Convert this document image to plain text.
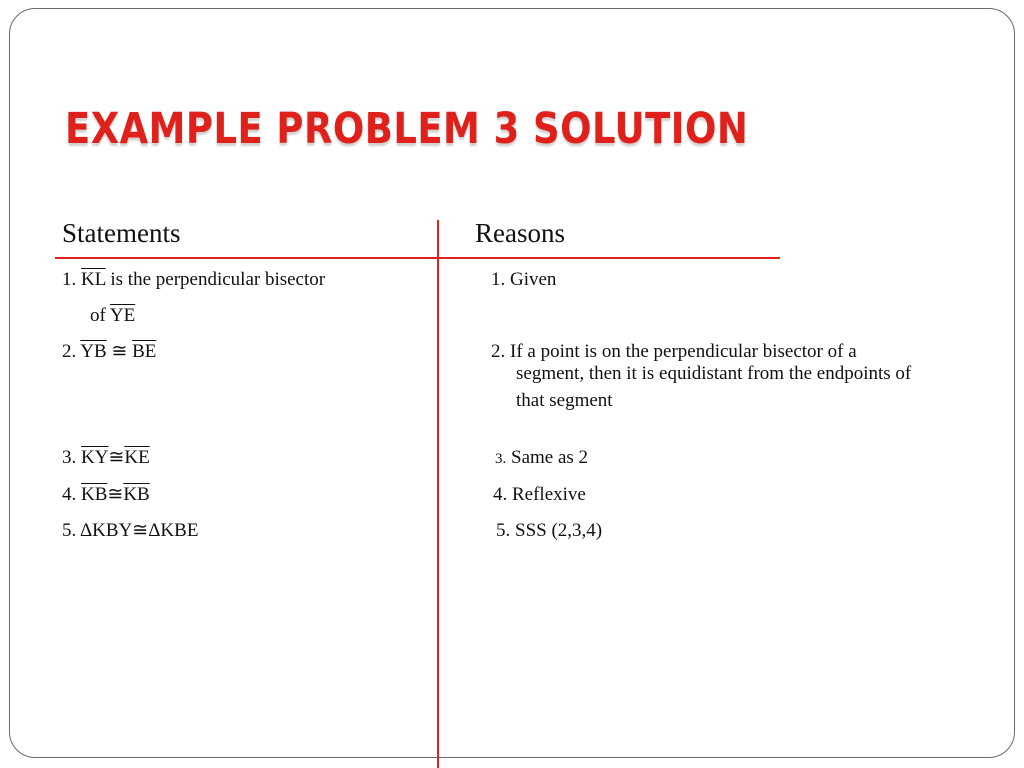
EXAMPLE PROBLEM 3 SOLUTION
Statements	Reasons
1. $\overline{KL}$ is the perpendicular bisector
of $\overline{YE}$
2. $\overline{YB}$ ≅ $\overline{BE}$
3. $\overline{KY}≅\overline{KE}$
4. $\overline{KB}≅\overline{KB}$
5. ΔKBY≅ΔKBE
1. Given
2. If a point is on the perpendicular bisector of a
segment, then it is equidistant from the endpoints of
that segment
3. Same as 2
4. Reflexive
5. SSS (2,3,4)
